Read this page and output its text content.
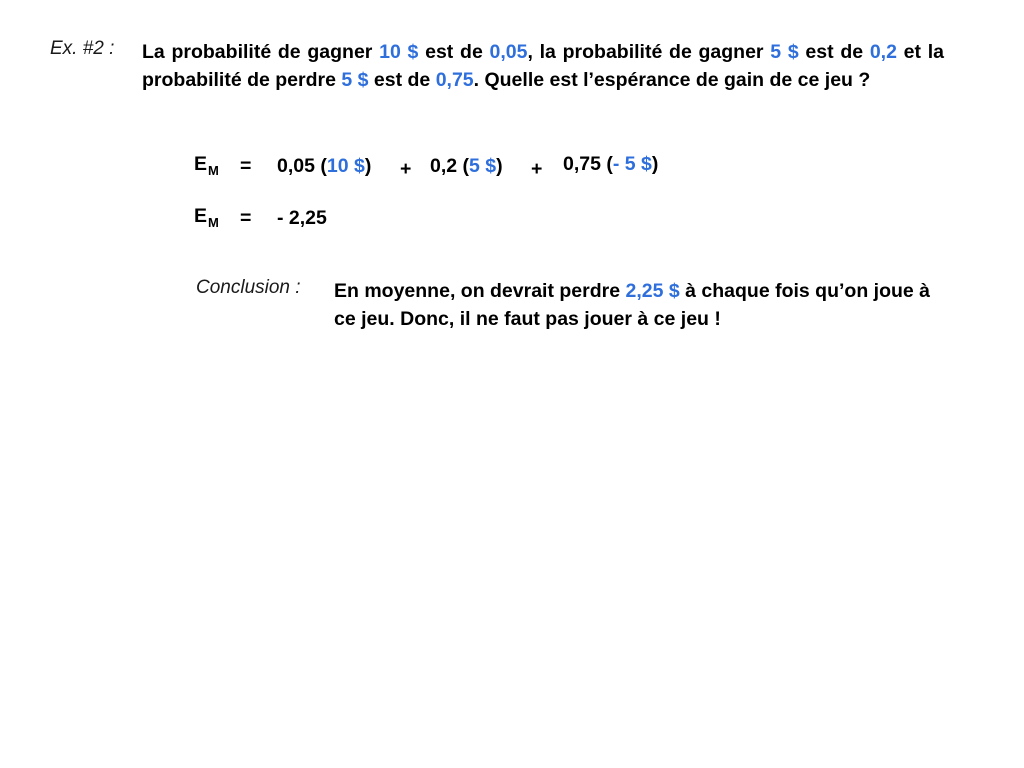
Ex. #2 : La probabilité de gagner 10 $ est de 0,05, la probabilité de gagner 5 $ est de 0,2 et la probabilité de perdre 5 $ est de 0,75. Quelle est l’espérance de gain de ce jeu ?
$E_M = 0,05$ (10 $) + 0,2 (5 $) + 0,75 (- 5 $)
$E_M$ = - 2,25
Conclusion : En moyenne, on devrait perdre 2,25 $ à chaque fois qu’on joue à ce jeu. Donc, il ne faut pas jouer à ce jeu !
